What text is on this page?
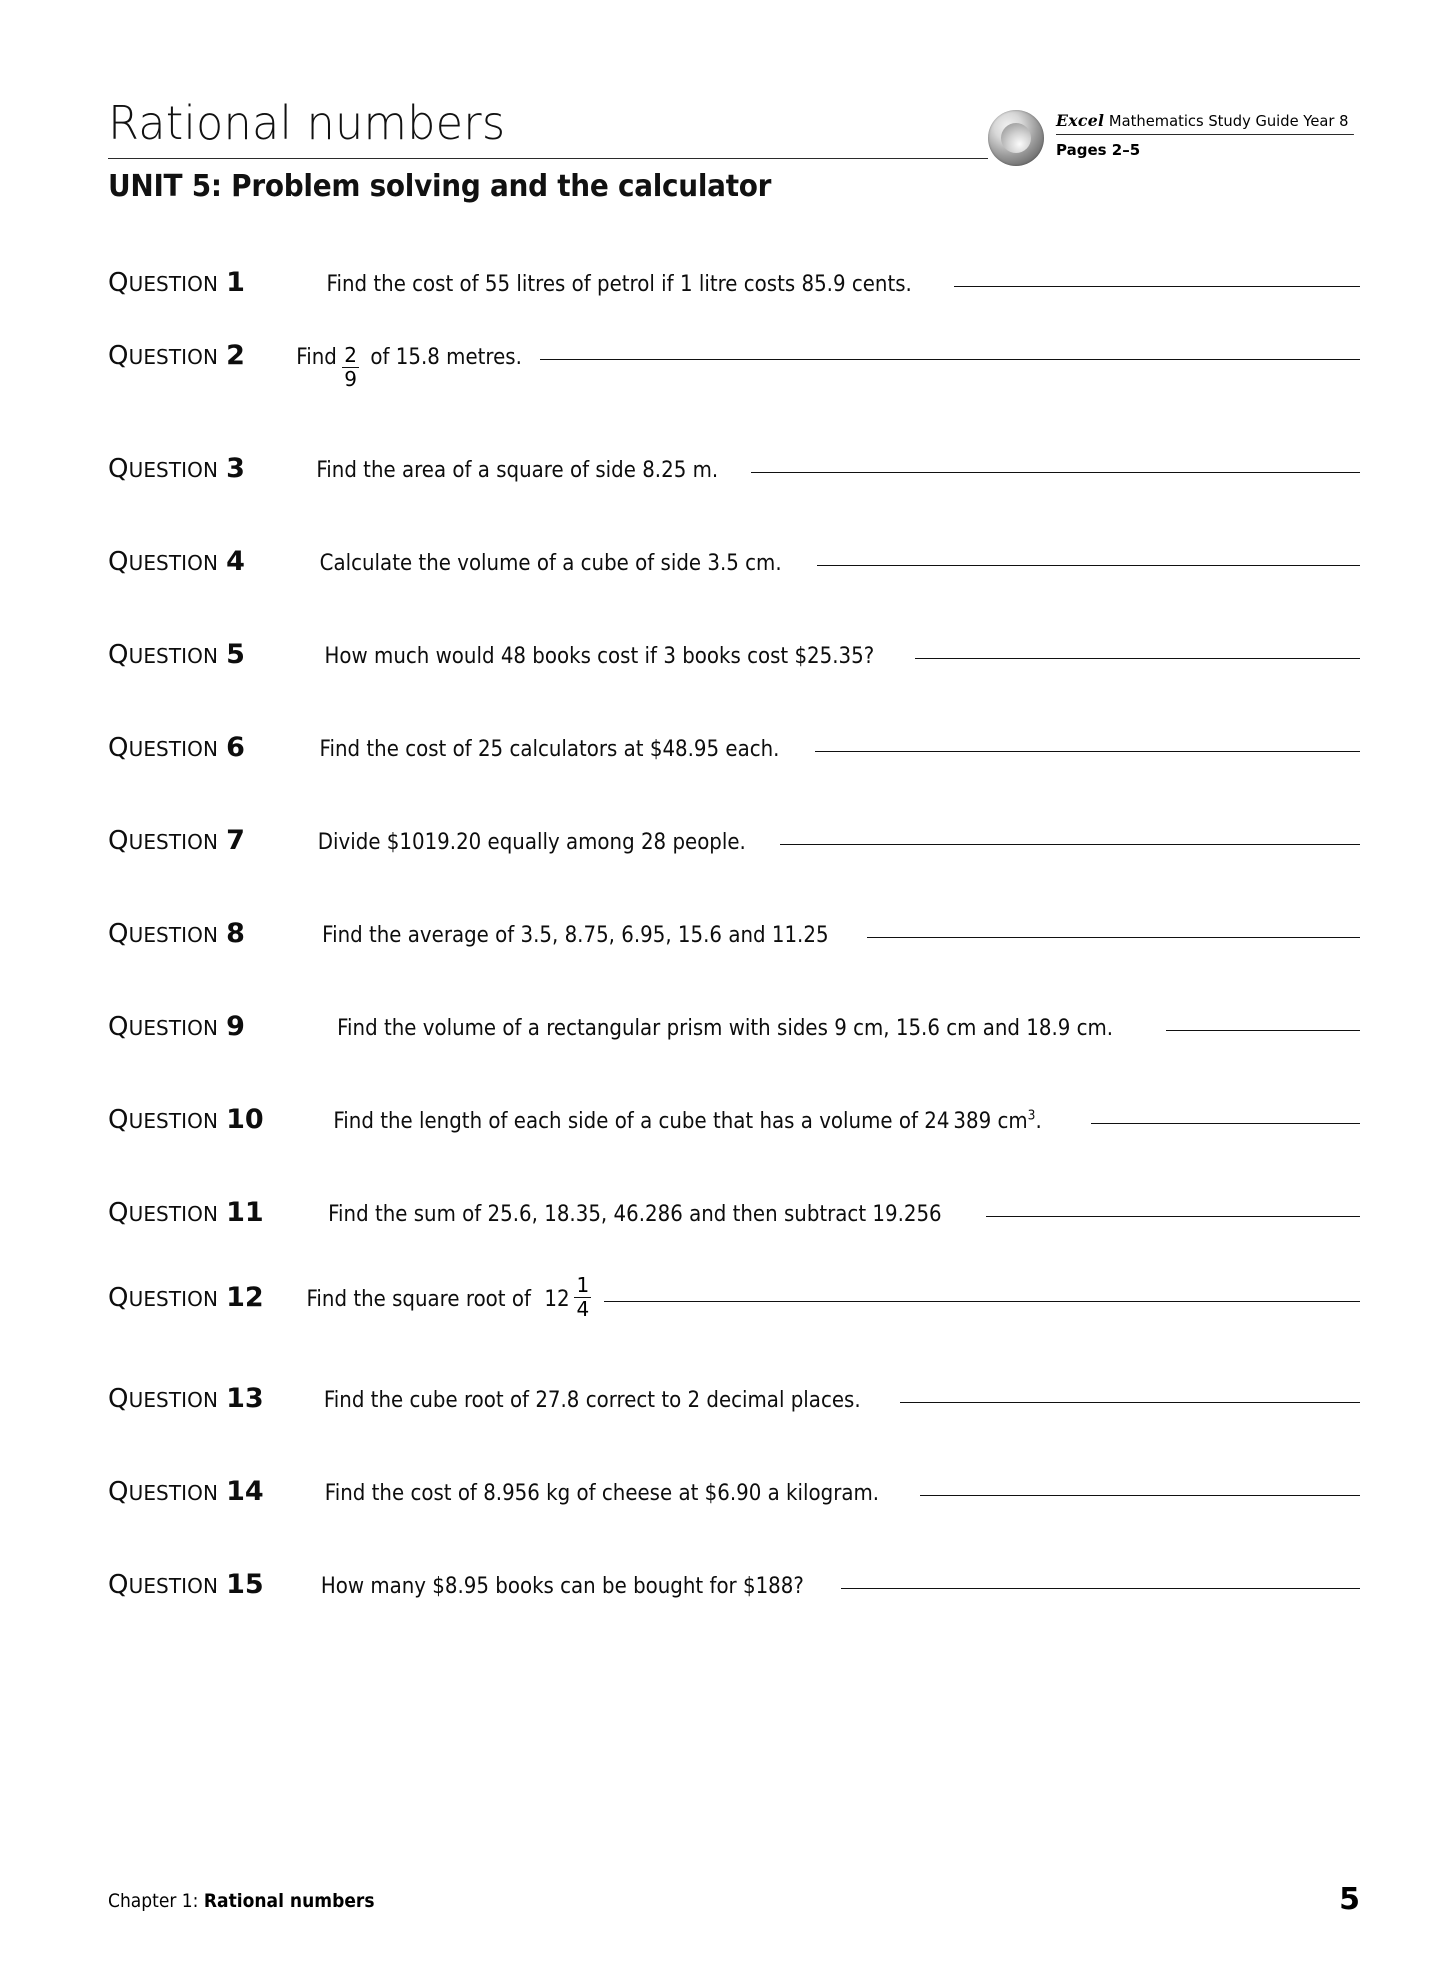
Rational numbers
UNIT 5: Problem solving and the calculator
Excel Mathematics Study Guide Year 8
Pages 2–5
QUESTION 1	Find the cost of 55 litres of petrol if 1 litre costs 85.9 cents.
QUESTION 2	Find $\frac{2}{9}$ of 15.8 metres.
QUESTION 3	Find the area of a square of side 8.25 m.
QUESTION 4	Calculate the volume of a cube of side 3.5 cm.
QUESTION 5	How much would 48 books cost if 3 books cost $25.35?
QUESTION 6	Find the cost of 25 calculators at $48.95 each.
QUESTION 7	Divide $1019.20 equally among 28 people.
QUESTION 8	Find the average of 3.5, 8.75, 6.95, 15.6 and 11.25
QUESTION 9	Find the volume of a rectangular prism with sides 9 cm, 15.6 cm and 18.9 cm.
QUESTION 10	Find the length of each side of a cube that has a volume of 24 389 $cm^3$.
QUESTION 11	Find the sum of 25.6, 18.35, 46.286 and then subtract 19.256
QUESTION 12	Find the square root of $12 \frac{1}{4}$
QUESTION 13	Find the cube root of 27.8 correct to 2 decimal places.
QUESTION 14	Find the cost of 8.956 kg of cheese at $6.90 a kilogram.
QUESTION 15	How many $8.95 books can be bought for $188?
Chapter 1: Rational numbers	5
